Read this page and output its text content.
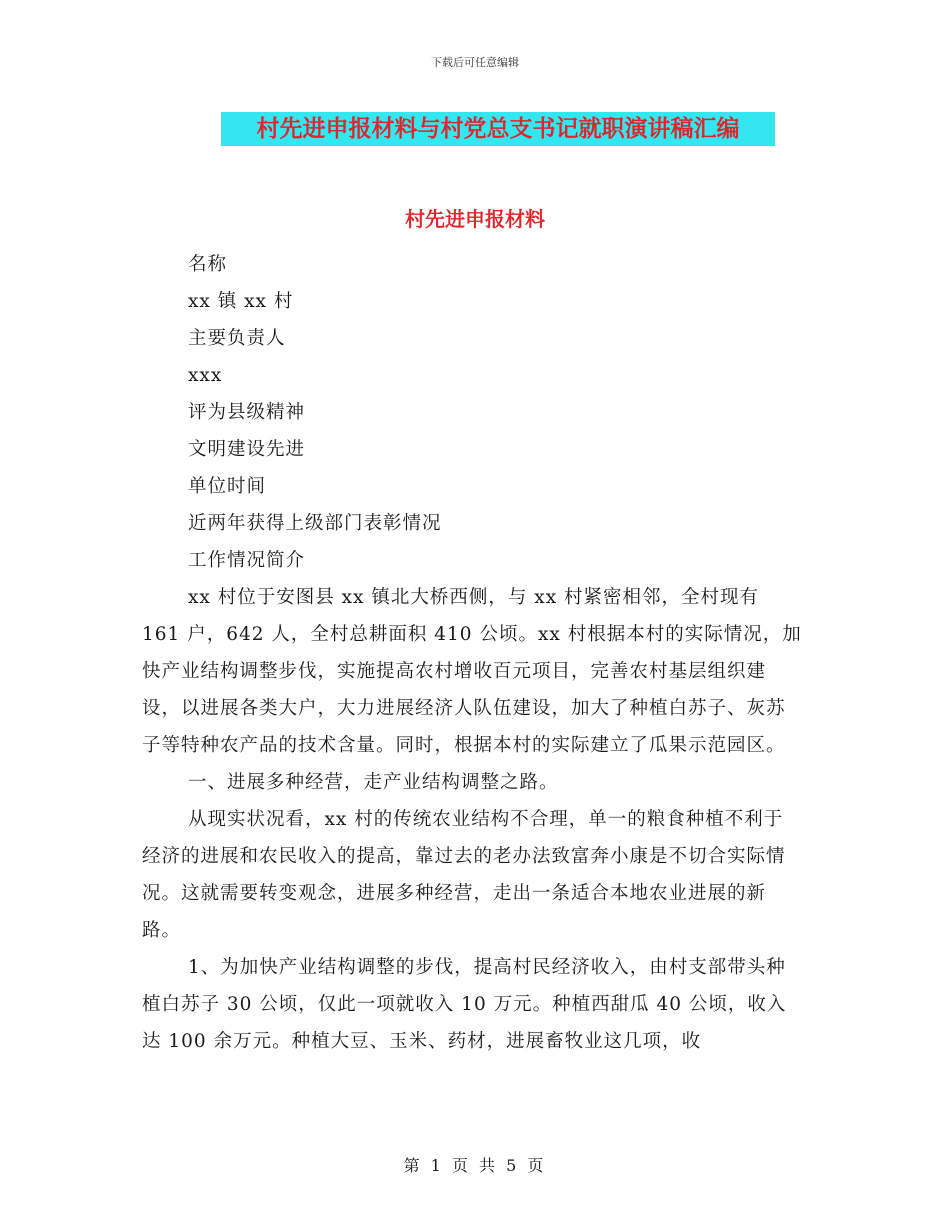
下载后可任意编辑
村先进申报材料与村党总支书记就职演讲稿汇编
村先进申报材料

名称

xx 镇 xx 村

主要负责人

xxx

评为县级精神

文明建设先进

单位时间

近两年获得上级部门表彰情况

工作情况简介

xx 村位于安图县 xx 镇北大桥西侧，与 xx 村紧密相邻，全村现有 161 户，642 人，全村总耕面积 410 公顷。xx 村根据本村的实际情况，加快产业结构调整步伐，实施提高农村增收百元项目，完善农村基层组织建设，以进展各类大户，大力进展经济人队伍建设，加大了种植白苏子、灰苏子等特种农产品的技术含量。同时，根据本村的实际建立了瓜果示范园区。

一、进展多种经营，走产业结构调整之路。

从现实状况看，xx 村的传统农业结构不合理，单一的粮食种植不利于经济的进展和农民收入的提高，靠过去的老办法致富奔小康是不切合实际情况。这就需要转变观念，进展多种经营，走出一条适合本地农业进展的新路。

1、为加快产业结构调整的步伐，提高村民经济收入，由村支部带头种植白苏子 30 公顷，仅此一项就收入 10 万元。种植西甜瓜 40 公顷，收入达 100 余万元。种植大豆、玉米、药材，进展畜牧业这几项，收

第 1 页 共 5 页
